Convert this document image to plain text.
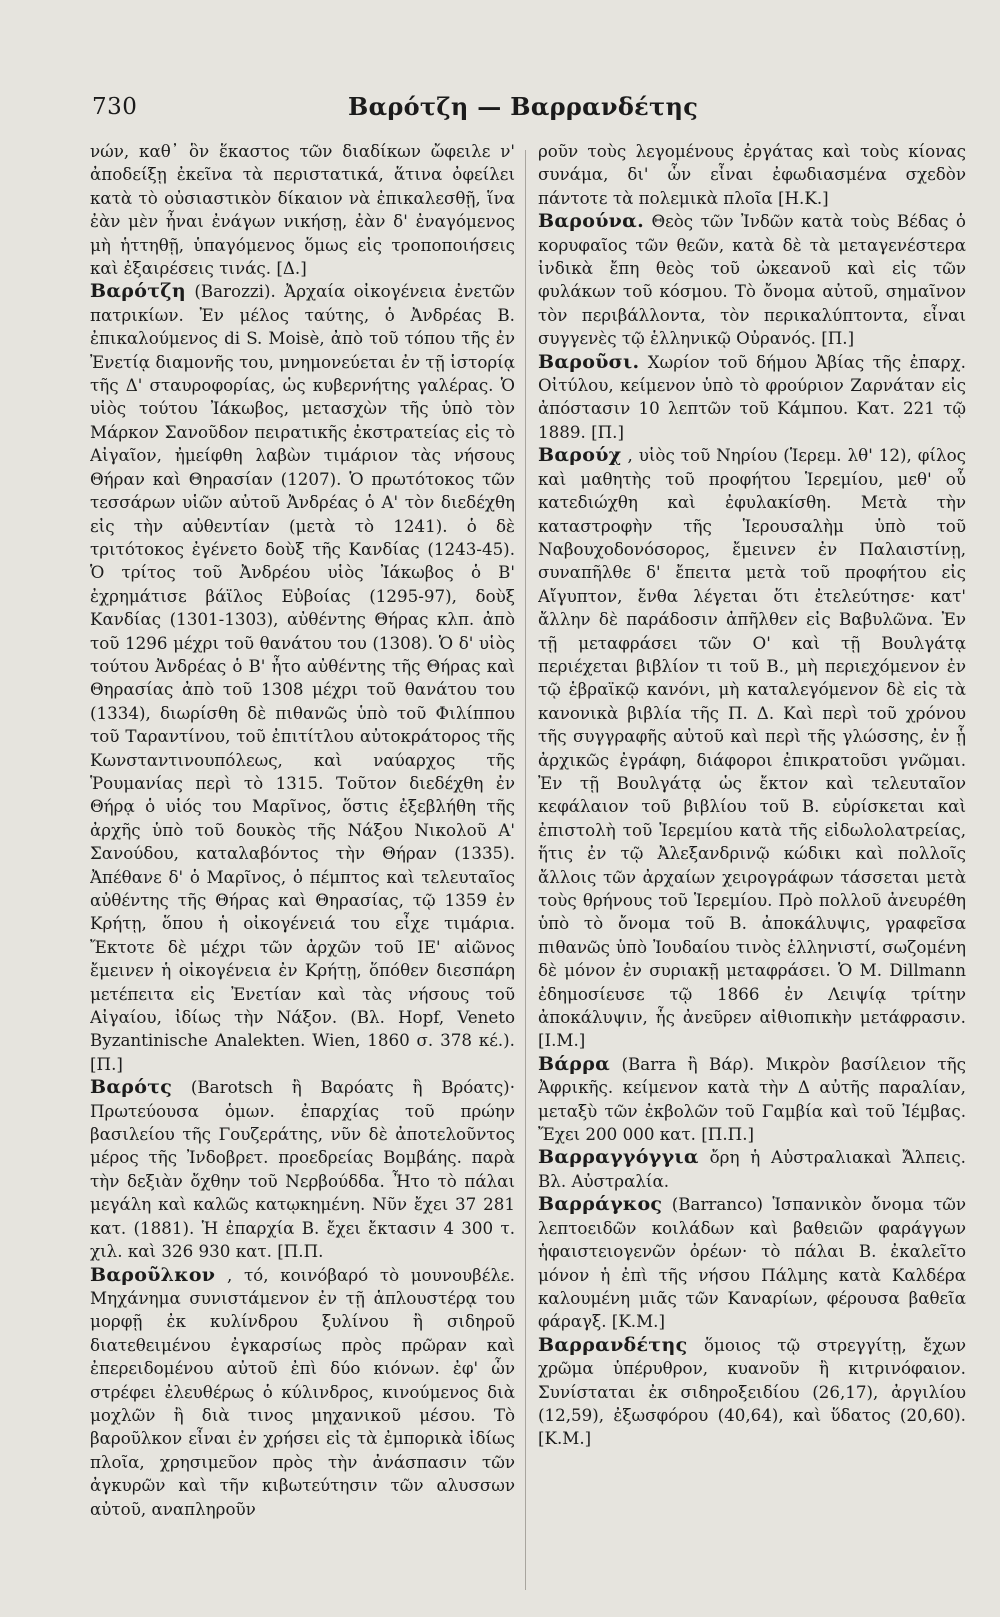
730	Βαρότζη — Βαρρανδέτης

νών, καθ᾽ ὃν ἕκαστος τῶν διαδίκων ὤφειλε ν' ἀποδείξῃ ἐκεῖνα τὰ περιστατικά, ἅτινα ὀφείλει κατὰ τὸ οὐσιαστικὸν δίκαιον νὰ ἐπικαλεσθῇ, ἵνα ἐὰν μὲν ἦναι ἐνάγων νικήσῃ, ἐὰν δ' ἐναγόμενος μὴ ἡττηθῇ, ὑπαγόμενος ὅμως εἰς τροποποιήσεις καὶ ἐξαιρέσεις τινάς. [Δ.]

Βαρότζη (Barozzi). Ἀρχαία οἰκογένεια ἐνετῶν πατρικίων. Ἐν μέλος ταύτης, ὁ Ἀνδρέας Β. ἐπικαλούμενος di S. Moisè, ἀπὸ τοῦ τόπου τῆς ἐν Ἐνετίᾳ διαμονῆς του, μνημονεύεται ἐν τῇ ἱστορίᾳ τῆς Δ' σταυροφορίας, ὡς κυβερνήτης γαλέρας. Ὁ υἱὸς τούτου Ἰάκωβος, μετασχὼν τῆς ὑπὸ τὸν Μάρκον Σανοῦδον πειρατικῆς ἐκστρατείας εἰς τὸ Αἰγαῖον, ἠμείφθη λαβὼν τιμάριον τὰς νήσους Θήραν καὶ Θηρασίαν (1207). Ὁ πρωτότοκος τῶν τεσσάρων υἱῶν αὐτοῦ Ἀνδρέας ὁ Α' τὸν διεδέχθη εἰς τὴν αὐθεντίαν (μετὰ τὸ 1241). ὁ δὲ τριτότοκος ἐγένετο δοὺξ τῆς Κανδίας (1243-45). Ὁ τρίτος τοῦ Ἀνδρέου υἱὸς Ἰάκωβος ὁ Β' ἐχρημάτισε βάϊλος Εὐβοίας (1295-97), δοὺξ Κανδίας (1301-1303), αὐθέντης Θήρας κλπ. ἀπὸ τοῦ 1296 μέχρι τοῦ θανάτου του (1308). Ὁ δ' υἱὸς τούτου Ἀνδρέας ὁ Β' ἦτο αὐθέντης τῆς Θήρας καὶ Θηρασίας ἀπὸ τοῦ 1308 μέχρι τοῦ θανάτου του (1334), διωρίσθη δὲ πιθανῶς ὑπὸ τοῦ Φιλίππου τοῦ Ταραντίνου, τοῦ ἐπιτίτλου αὐτοκράτορος τῆς Κωνσταντινουπόλεως, καὶ ναύαρχος τῆς Ῥουμανίας περὶ τὸ 1315. Τοῦτον διεδέχθη ἐν Θήρᾳ ὁ υἱός του Μαρῖνος, ὅστις ἐξεβλήθη τῆς ἀρχῆς ὑπὸ τοῦ δουκὸς τῆς Νάξου Νικολοῦ Α' Σανούδου, καταλαβόντος τὴν Θήραν (1335). Ἀπέθανε δ' ὁ Μαρῖνος, ὁ πέμπτος καὶ τελευταῖος αὐθέντης τῆς Θήρας καὶ Θηρασίας, τῷ 1359 ἐν Κρήτῃ, ὅπου ἡ οἰκογένειά του εἶχε τιμάρια. Ἔκτοτε δὲ μέχρι τῶν ἀρχῶν τοῦ ΙΕ' αἰῶνος ἔμεινεν ἡ οἰκογένεια ἐν Κρήτῃ, ὅπόθεν διεσπάρη μετέπειτα εἰς Ἐνετίαν καὶ τὰς νήσους τοῦ Αἰγαίου, ἰδίως τὴν Νάξον. (Βλ. Hopf, Veneto Byzantinische Analekten. Wien, 1860 σ. 378 κέ.). [Π.]

Βαρότς (Barotsch ἢ Βαρόατς ἢ Βρόατς)· Πρωτεύουσα ὁμων. ἐπαρχίας τοῦ πρώην βασιλείου τῆς Γουζεράτης, νῦν δὲ ἀποτελοῦντος μέρος τῆς Ἰνδοβρετ. προεδρείας Βομβάης. παρὰ τὴν δεξιὰν ὄχθην τοῦ Νερβούδδα. Ἦτο τὸ πάλαι μεγάλη καὶ καλῶς κατῳκημένη. Νῦν ἔχει 37 281 κατ. (1881). Ἡ ἐπαρχία Β. ἔχει ἔκτασιν 4 300 τ. χιλ. καὶ 326 930 κατ. [Π.Π.

Βαροῦλκον , τό, κοινόβαρό τὸ μουνουβέλε. Μηχάνημα συνιστάμενον ἐν τῇ ἁπλουστέρᾳ του μορφῇ ἐκ κυλίνδρου ξυλίνου ἢ σιδηροῦ διατεθειμένου ἐγκαρσίως πρὸς πρῶραν καὶ ἐπερειδομένου αὐτοῦ ἐπὶ δύο κιόνων. ἐφ' ὧν στρέφει ἐλευθέρως ὁ κύλινδρος, κινούμενος διὰ μοχλῶν ἢ διὰ τινος μηχανικοῦ μέσου. Τὸ βαροῦλκον εἶναι ἐν χρήσει εἰς τὰ ἐμπορικὰ ἰδίως πλοῖα, χρησιμεῦον πρὸς τὴν ἀνάσπασιν τῶν ἀγκυρῶν καὶ τῆν κιβωτεύτησιν τῶν αλυσσων αὐτοῦ, αναπληροῦν

ροῦν τοὺς λεγομένους ἐργάτας καὶ τοὺς κίονας συνάμα, δι' ὧν εἶναι ἐφωδιασμένα σχεδὸν πάντοτε τὰ πολεμικὰ πλοῖα [Η.Κ.]

Βαρούνα. Θεὸς τῶν Ἰνδῶν κατὰ τοὺς Βέδας ὁ κορυφαῖος τῶν θεῶν, κατὰ δὲ τὰ μεταγενέστερα ἰνδικὰ ἔπη θεὸς τοῦ ὠκεανοῦ καὶ εἰς τῶν φυλάκων τοῦ κόσμου. Τὸ ὄνομα αὐτοῦ, σημαῖνον τὸν περιβάλλοντα, τὸν περικαλύπτοντα, εἶναι συγγενὲς τῷ ἑλληνικῷ Οὐρανός. [Π.]

Βαροῦσι. Χωρίον τοῦ δήμου Ἀβίας τῆς ἐπαρχ. Οἰτύλου, κείμενον ὑπὸ τὸ φρούριον Ζαρνάταν εἰς ἀπόστασιν 10 λεπτῶν τοῦ Κάμπου. Κατ. 221 τῷ 1889. [Π.]

Βαρούχ , υἱὸς τοῦ Νηρίου (Ἱερεμ. λθ' 12), φίλος καὶ μαθητὴς τοῦ προφήτου Ἱερεμίου, μεθ' οὗ κατεδιώχθη καὶ ἐφυλακίσθη. Μετὰ τὴν καταστροφὴν τῆς Ἱερουσαλὴμ ὑπὸ τοῦ Ναβουχοδονόσορος, ἔμεινεν ἐν Παλαιστίνῃ, συναπῆλθε δ' ἔπειτα μετὰ τοῦ προφήτου εἰς Αἴγυπτον, ἔνθα λέγεται ὅτι ἐτελεύτησε· κατ' ἄλλην δὲ παράδοσιν ἀπῆλθεν εἰς Βαβυλῶνα. Ἐν τῇ μεταφράσει τῶν Ο' καὶ τῇ Βουλγάτᾳ περιέχεται βιβλίον τι τοῦ Β., μὴ περιεχόμενον ἐν τῷ ἑβραϊκῷ κανόνι, μὴ καταλεγόμενον δὲ εἰς τὰ κανονικὰ βιβλία τῆς Π. Δ. Καὶ περὶ τοῦ χρόνου τῆς συγγραφῆς αὐτοῦ καὶ περὶ τῆς γλώσσης, ἐν ᾗ ἀρχικῶς ἐγράφη, διάφοροι ἐπικρατοῦσι γνῶμαι. Ἐν τῇ Βουλγάτᾳ ὡς ἔκτον καὶ τελευταῖον κεφάλαιον τοῦ βιβλίου τοῦ Β. εὑρίσκεται καὶ ἐπιστολὴ τοῦ Ἱερεμίου κατὰ τῆς εἰδωλολατρείας, ἥτις ἐν τῷ Ἀλεξανδρινῷ κώδικι καὶ πολλοῖς ἄλλοις τῶν ἀρχαίων χειρογράφων τάσσεται μετὰ τοὺς θρήνους τοῦ Ἱερεμίου. Πρὸ πολλοῦ ἀνευρέθη ὑπὸ τὸ ὄνομα τοῦ Β. ἀποκάλυψις, γραφεῖσα πιθανῶς ὑπὸ Ἰουδαίου τινὸς ἑλληνιστί, σωζομένη δὲ μόνον ἐν συριακῇ μεταφράσει. Ὁ Μ. Dillmann ἐδημοσίευσε τῷ 1866 ἐν Λειψίᾳ τρίτην ἀποκάλυψιν, ἧς ἀνεῦρεν αἰθιοπικὴν μετάφρασιν. [Ι.Μ.]

Βάρρα (Barra ἢ Βάρ). Μικρὸν βασίλειον τῆς Ἀφρικῆς. κείμενον κατὰ τὴν Δ αὐτῆς παραλίαν, μεταξὺ τῶν ἐκβολῶν τοῦ Γαμβία καὶ τοῦ Ἰέμβας. Ἔχει 200 000 κατ. [Π.Π.]

Βαρραγγόγγια ὄρη ἡ Αὐστραλιακαὶ Ἄλπεις. Βλ. Αὐστραλία.

Βαρράγκος (Barranco) Ἱσπανικὸν ὄνομα τῶν λεπτοειδῶν κοιλάδων καὶ βαθειῶν φαράγγων ἡφαιστειογενῶν ὀρέων· τὸ πάλαι Β. ἐκαλεῖτο μόνον ἡ ἐπὶ τῆς νήσου Πάλμης κατὰ Καλδέρα καλουμένη μιᾶς τῶν Καναρίων, φέρουσα βαθεῖα φάραγξ. [Κ.Μ.]

Βαρρανδέτης ὅμοιος τῷ στρεγγίτῃ, ἔχων χρῶμα ὑπέρυθρον, κυανοῦν ἢ κιτρινόφαιον. Συνίσταται ἐκ σιδηροξειδίου (26,17), ἀργιλίου (12,59), ἐξωσφόρου (40,64), καὶ ὕδατος (20,60). [Κ.Μ.]
